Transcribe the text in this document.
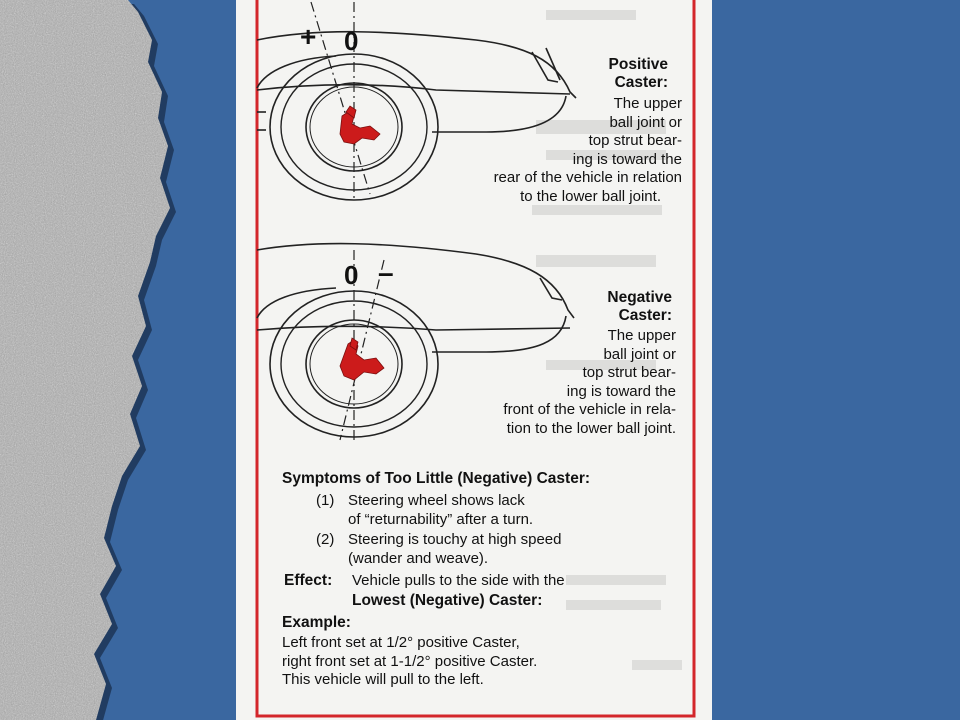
+ 0
0 –
Positive
Caster:
The upper
ball joint or
top strut bear-
ing is toward the
rear of the vehicle in relation
to the lower ball joint.
Negative
Caster:
The upper
ball joint or
top strut bear-
ing is toward the
front of the vehicle in rela-
tion to the lower ball joint.
Symptoms of Too Little (Negative) Caster:
(1) Steering wheel shows lack
of “returnability” after a turn.
(2) Steering is touchy at high speed
(wander and weave).
Effect: Vehicle pulls to the side with the
Lowest (Negative) Caster:
Example:
Left front set at 1/2° positive Caster,
right front set at 1-1/2° positive Caster.
This vehicle will pull to the left.
